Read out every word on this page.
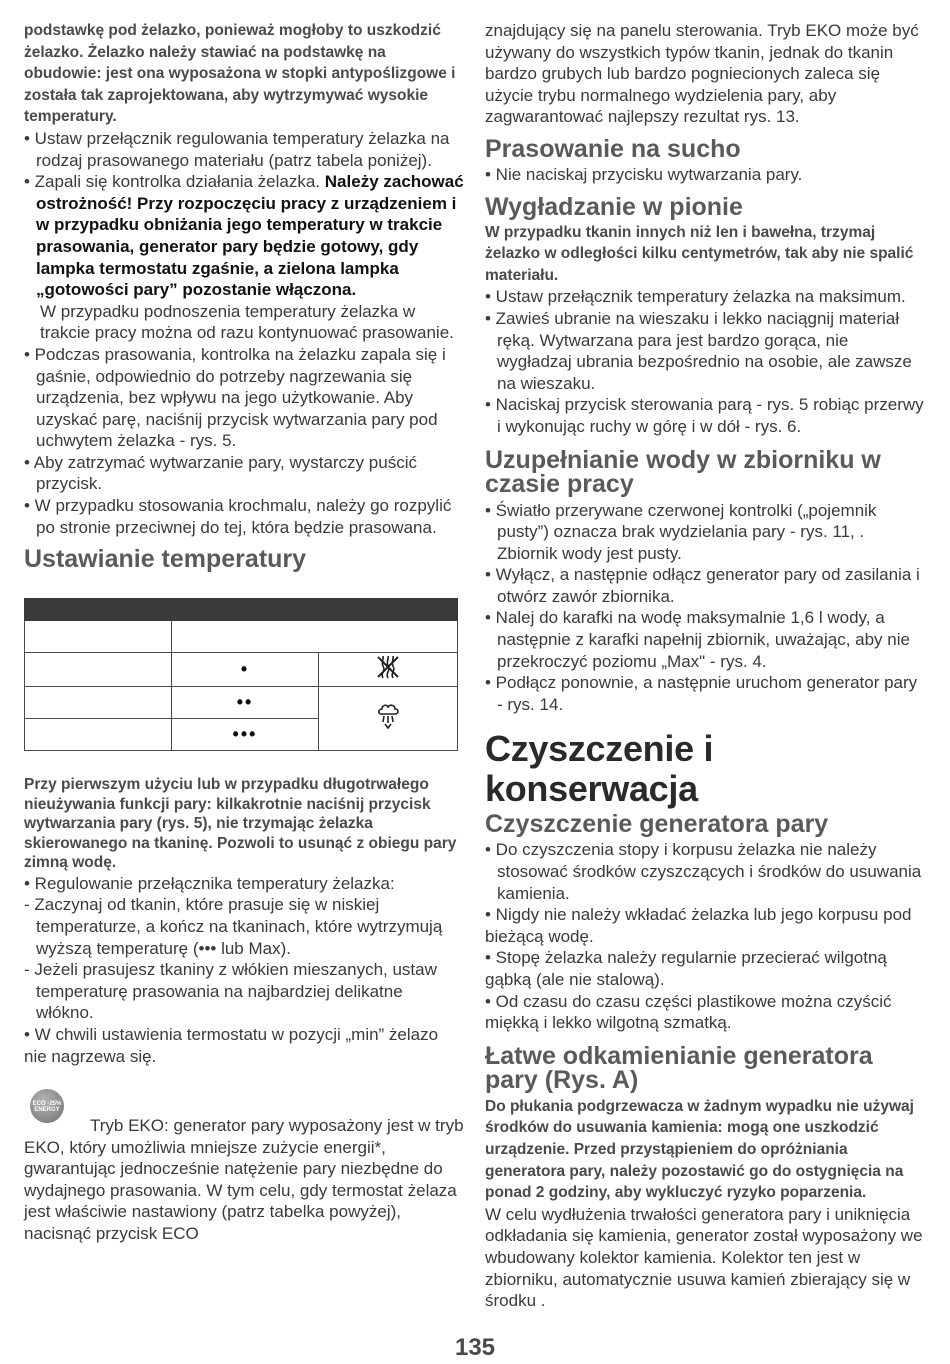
podstawkę pod żelazko, ponieważ mogłoby to uszkodzić żelazko. Żelazko należy stawiać na podstawkę na obudowie: jest ona wyposażona w stopki antypoślizgowe i została tak zaprojektowana, aby wytrzymywać wysokie temperatury.

• Ustaw przełącznik regulowania temperatury żelazka na rodzaj prasowanego materiału (patrz tabela poniżej).

• Zapali się kontrolka działania żelazka. Należy zachować ostrożność! Przy rozpoczęciu pracy z urządzeniem i w przypadku obniżania jego temperatury w trakcie prasowania, generator pary będzie gotowy, gdy lampka termostatu zgaśnie, a zielona lampka „gotowości pary” pozostanie włączona.

W przypadku podnoszenia temperatury żelazka w trakcie pracy można od razu kontynuować prasowanie.

• Podczas prasowania, kontrolka na żelazku zapala się i gaśnie, odpowiednio do potrzeby nagrzewania się urządzenia, bez wpływu na jego użytkowanie. Aby uzyskać parę, naciśnij przycisk wytwarzania pary pod uchwytem żelazka - rys. 5.

• Aby zatrzymać wytwarzanie pary, wystarczy puścić przycisk.

• W przypadku stosowania krochmalu, należy go rozpylić po stronie przeciwnej do tej, która będzie prasowana.

Ustawianie temperatury

	•	
	••	
	•••	

Przy pierwszym użyciu lub w przypadku długotrwałego nieużywania funkcji pary: kilkakrotnie naciśnij przycisk wytwarzania pary (rys. 5), nie trzymając żelazka skierowanego na tkaninę. Pozwoli to usunąć z obiegu pary zimną wodę.

• Regulowanie przełącznika temperatury żelazka:

- Zaczynaj od tkanin, które prasuje się w niskiej temperaturze, a kończ na tkaninach, które wytrzymują wyższą temperaturę (••• lub Max).

- Jeżeli prasujesz tkaniny z włókien mieszanych, ustaw temperaturę prasowania na najbardziej delikatne włókno.

• W chwili ustawienia termostatu w pozycji „min” żelazo nie nagrzewa się.

ECO -25% ENERGY

Tryb EKO: generator pary wyposażony jest w tryb EKO, który umożliwia mniejsze zużycie energii*, gwarantując jednocześnie natężenie pary niezbędne do wydajnego prasowania. W tym celu, gdy termostat żelaza jest właściwie nastawiony (patrz tabelka powyżej), nacisnąć przycisk ECO

znajdujący się na panelu sterowania. Tryb EKO może być używany do wszystkich typów tkanin, jednak do tkanin bardzo grubych lub bardzo pogniecionych zaleca się użycie trybu normalnego wydzielenia pary, aby zagwarantować najlepszy rezultat rys. 13.

Prasowanie na sucho

• Nie naciskaj przycisku wytwarzania pary.

Wygładzanie w pionie

W przypadku tkanin innych niż len i bawełna, trzymaj żelazko w odległości kilku centymetrów, tak aby nie spalić materiału.

• Ustaw przełącznik temperatury żelazka na maksimum.

• Zawieś ubranie na wieszaku i lekko naciągnij materiał ręką. Wytwarzana para jest bardzo gorąca, nie wygładzaj ubrania bezpośrednio na osobie, ale zawsze na wieszaku.

• Naciskaj przycisk sterowania parą - rys. 5 robiąc przerwy i wykonując ruchy w górę i w dół - rys. 6.

Uzupełnianie wody w zbiorniku w czasie pracy

• Światło przerywane czerwonej kontrolki („pojemnik pusty”) oznacza brak wydzielania pary - rys. 11, . Zbiornik wody jest pusty.

• Wyłącz, a następnie odłącz generator pary od zasilania i otwórz zawór zbiornika.

• Nalej do karafki na wodę maksymalnie 1,6 l wody, a następnie z karafki napełnij zbiornik, uważając, aby nie przekroczyć poziomu „Max" - rys. 4.

• Podłącz ponownie, a następnie uruchom generator pary - rys. 14.

Czyszczenie i konserwacja
Czyszczenie generatora pary

• Do czyszczenia stopy i korpusu żelazka nie należy stosować środków czyszczących i środków do usuwania kamienia.

• Nigdy nie należy wkładać żelazka lub jego korpusu pod bieżącą wodę.

• Stopę żelazka należy regularnie przecierać wilgotną gąbką (ale nie stalową).

• Od czasu do czasu części plastikowe można czyścić miękką i lekko wilgotną szmatką.

Łatwe odkamienianie generatora pary (Rys. A)

Do płukania podgrzewacza w żadnym wypadku nie używaj środków do usuwania kamienia: mogą one uszkodzić urządzenie. Przed przystąpieniem do opróżniania generatora pary, należy pozostawić go do ostygnięcia na ponad 2 godziny, aby wykluczyć ryzyko poparzenia.

W celu wydłużenia trwałości generatora pary i uniknięcia odkładania się kamienia, generator został wyposażony we wbudowany kolektor kamienia. Kolektor ten jest w zbiorniku, automatycznie usuwa kamień zbierający się w środku .

135
